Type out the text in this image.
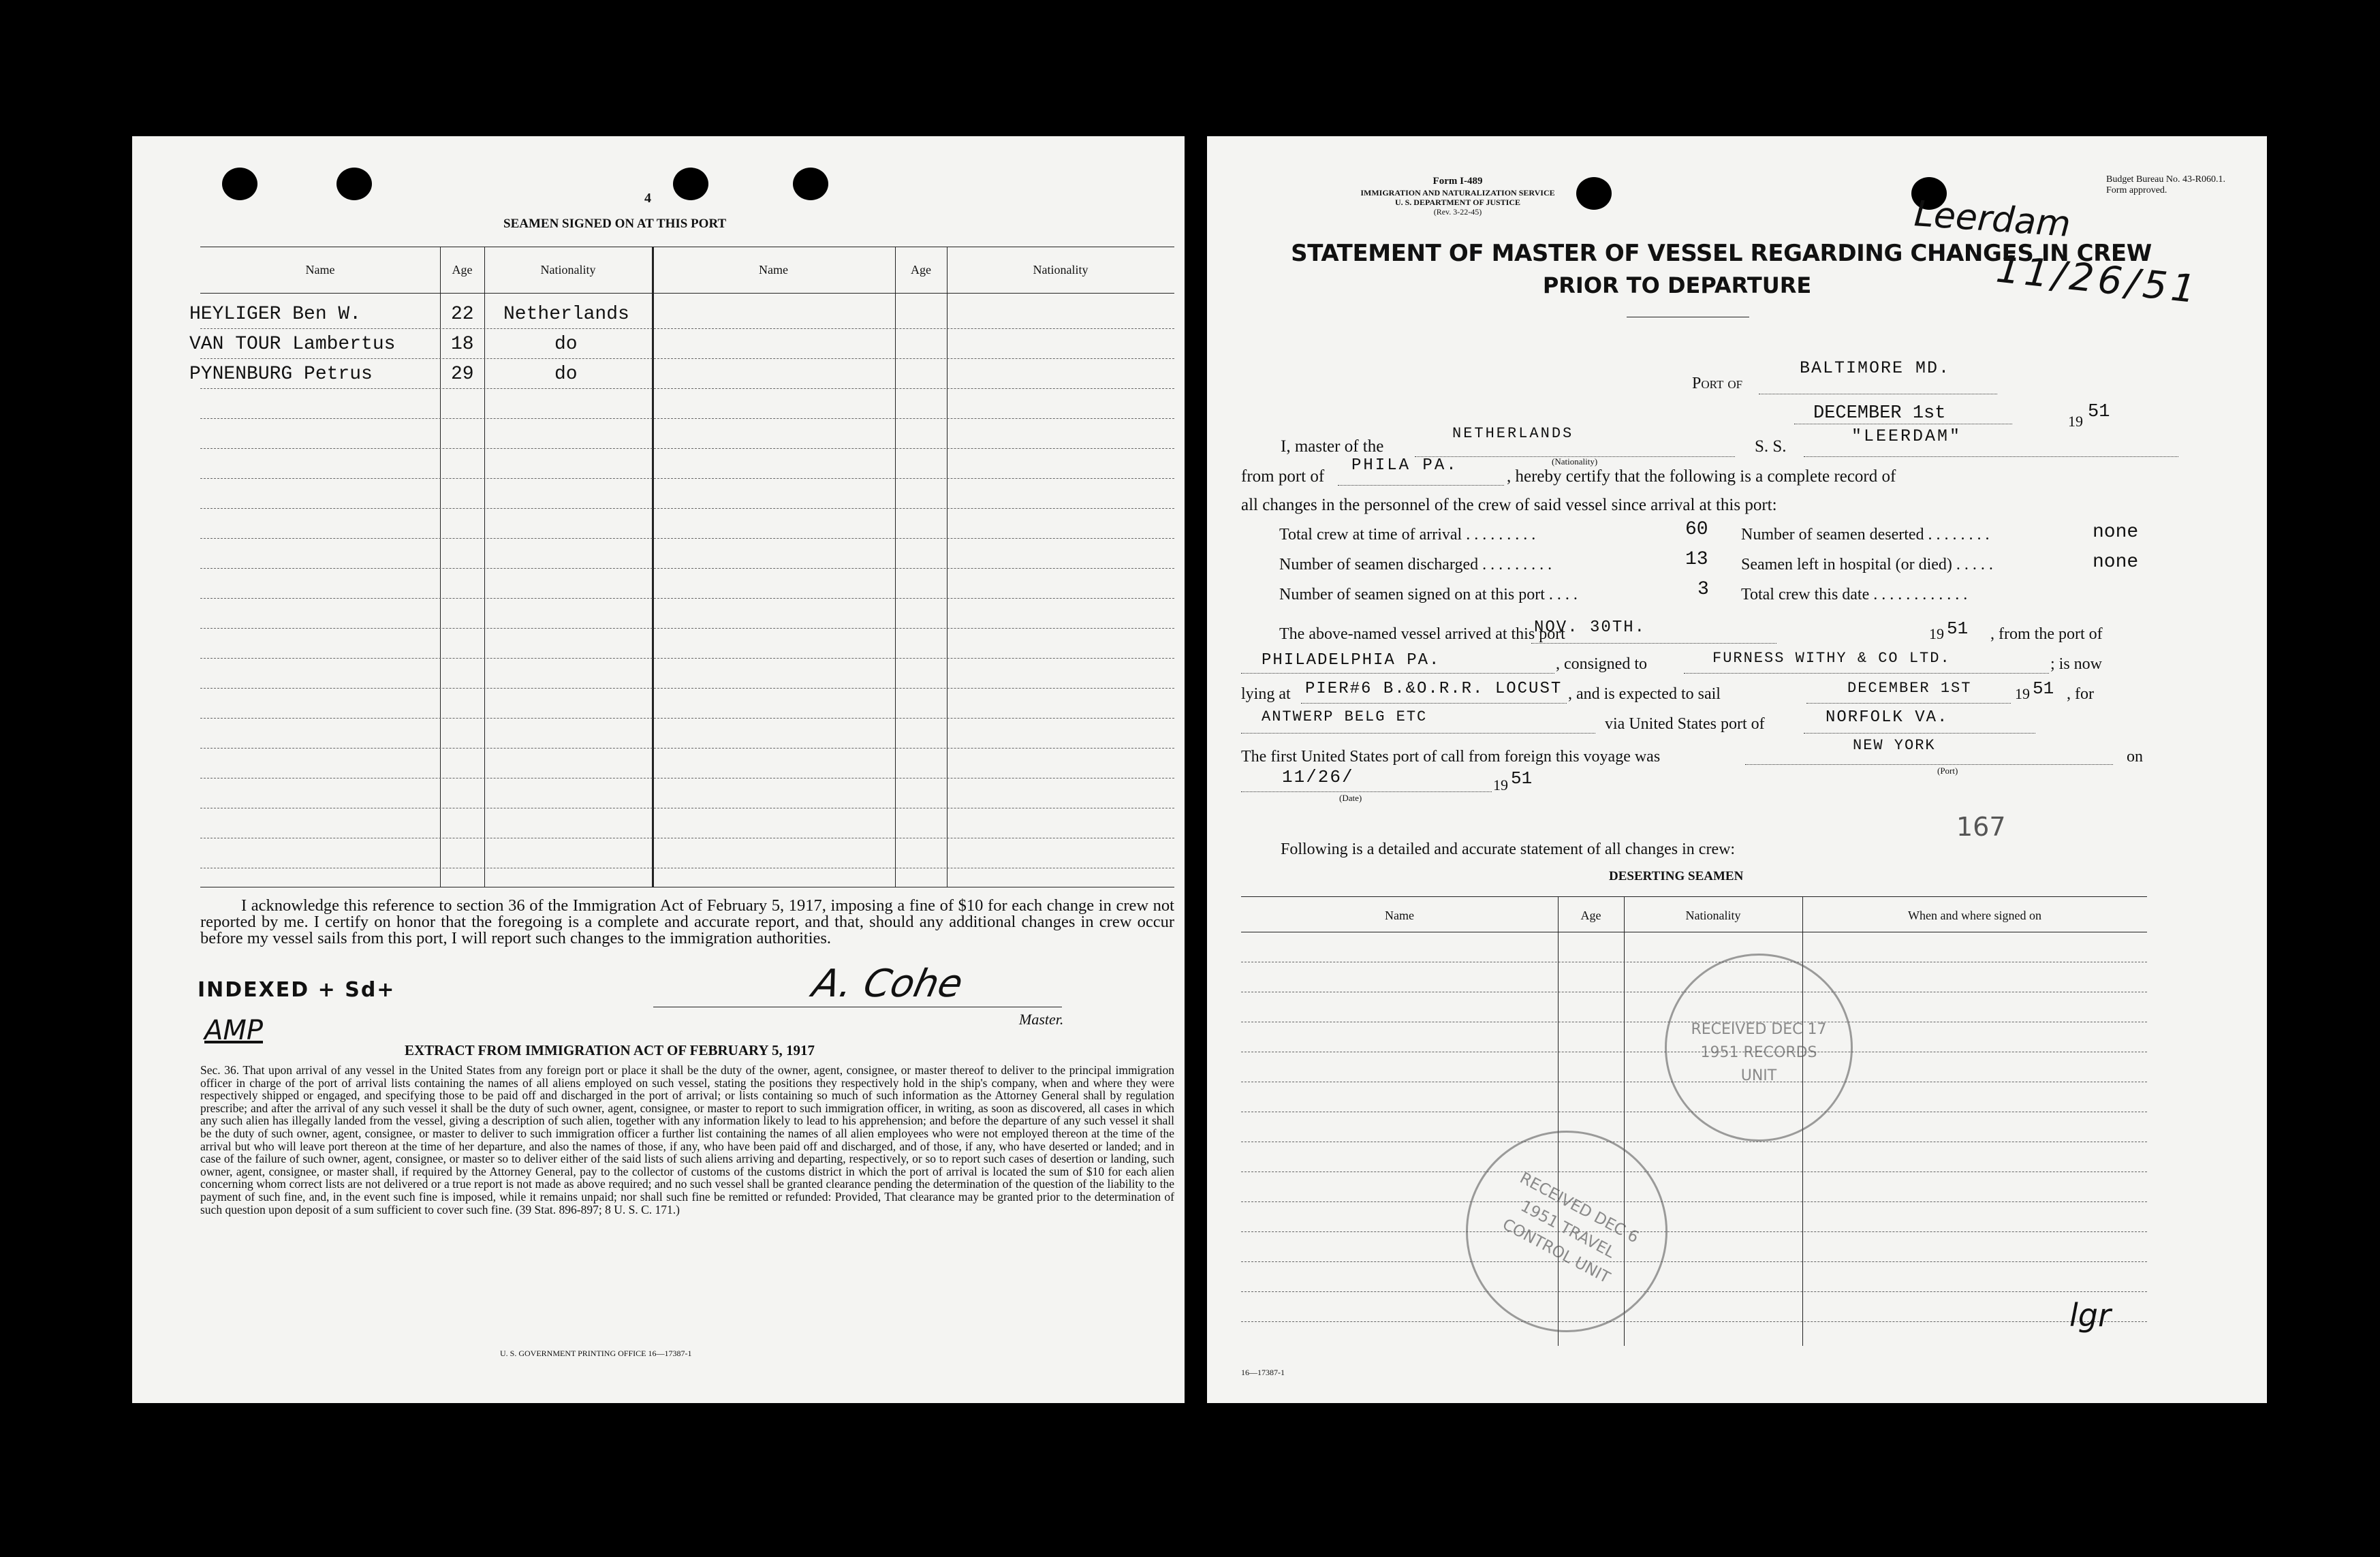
4
SEAMEN SIGNED ON AT THIS PORT
Name	Age	Nationality	Name	Age	Nationality
HEYLIGER Ben W.	22 Netherlands
VAN TOUR Lambertus	18	do
PYNENBURG Petrus	29	do
I acknowledge this reference to section 36 of the Immigration Act of February 5, 1917, imposing a fine of $10 for each change in crew not reported by me. I certify on honor that the foregoing is a complete and accurate report, and that, should any additional changes in crew occur before my vessel sails from this port, I will report such changes to the immigration authorities.
INDEXED + Sd+	A. Cohe
Master.
AMP
EXTRACT FROM IMMIGRATION ACT OF FEBRUARY 5, 1917

Sec. 36. That upon arrival of any vessel in the United States from any foreign port or place it shall be the duty of the owner, agent, consignee, or master thereof to deliver to the principal immigration officer in charge of the port of arrival lists containing the names of all aliens employed on such vessel, stating the positions they respectively hold in the ship's company, when and where they were respectively shipped or engaged, and specifying those to be paid off and discharged in the port of arrival; or lists containing so much of such information as the Attorney General shall by regulation prescribe; and after the arrival of any such vessel it shall be the duty of such owner, agent, consignee, or master to report to such immigration officer, in writing, as soon as discovered, all cases in which any such alien has illegally landed from the vessel, giving a description of such alien, together with any information likely to lead to his apprehension; and before the departure of any such vessel it shall be the duty of such owner, agent, consignee, or master to deliver to such immigration officer a further list containing the names of all alien employees who were not employed thereon at the time of the arrival but who will leave port thereon at the time of her departure, and also the names of those, if any, who have been paid off and discharged, and of those, if any, who have deserted or landed; and in case of the failure of such owner, agent, consignee, or master so to deliver either of the said lists of such aliens arriving and departing, respectively, or so to report such cases of desertion or landing, such owner, agent, consignee, or master shall, if required by the Attorney General, pay to the collector of customs of the customs district in which the port of arrival is located the sum of $10 for each alien concerning whom correct lists are not delivered or a true report is not made as above required; and no such vessel shall be granted clearance pending the determination of the question of the liability to the payment of such fine, and, in the event such fine is imposed, while it remains unpaid; nor shall such fine be remitted or refunded: Provided, That clearance may be granted prior to the determination of such question upon deposit of a sum sufficient to cover such fine. (39 Stat. 896-897; 8 U. S. C. 171.)

U. S. GOVERNMENT PRINTING OFFICE 16—17387-1
Form I-489
IMMIGRATION AND NATURALIZATION SERVICE
U. S. DEPARTMENT OF JUSTICE
(Rev. 3-22-45)
Budget Bureau No. 43-R060.1.
Form approved.
Leerdam
11/26/51
STATEMENT OF MASTER OF VESSEL REGARDING CHANGES IN CREW
PRIOR TO DEPARTURE
Port of
BALTIMORE MD.
DECEMBER 1st	19 51
I, master of the
NETHERLANDS
(Nationality)
S. S.
"LEERDAM"
from port of
PHILA PA.
, hereby certify that the following is a complete record of
all changes in the personnel of the crew of said vessel since arrival at this port:
Total crew at time of arrival . . . . . . . . .	60
Number of seamen discharged . . . . . . . . .	13
Number of seamen signed on at this port . . . .	3
Number of seamen deserted . . . . . . . .	none
Seamen left in hospital (or died) . . . . .	none
Total crew this date . . . . . . . . . . . .
The above-named vessel arrived at this port
NOV. 30TH.	19 51 , from the port of
PHILADELPHIA PA.	, consigned to	FURNESS WITHY & CO LTD.	; is now
lying at PIER#6 B.&O.R.R. LOCUST , and is expected to sail	DECEMBER 1ST	19 51 , for
ANTWERP BELG ETC	via United States port of	NORFOLK VA.
The first United States port of call from foreign this voyage was
NEW YORK
(Port)
on
11/26/
(Date)
19 51
167
Following is a detailed and accurate statement of all changes in crew:
DESERTING SEAMEN
Name	Age	Nationality	When and where signed on
RECEIVED DEC 17 1951 RECORDS UNIT
RECEIVED DEC 6 1951 TRAVEL CONTROL UNIT
lgr
16—17387-1
